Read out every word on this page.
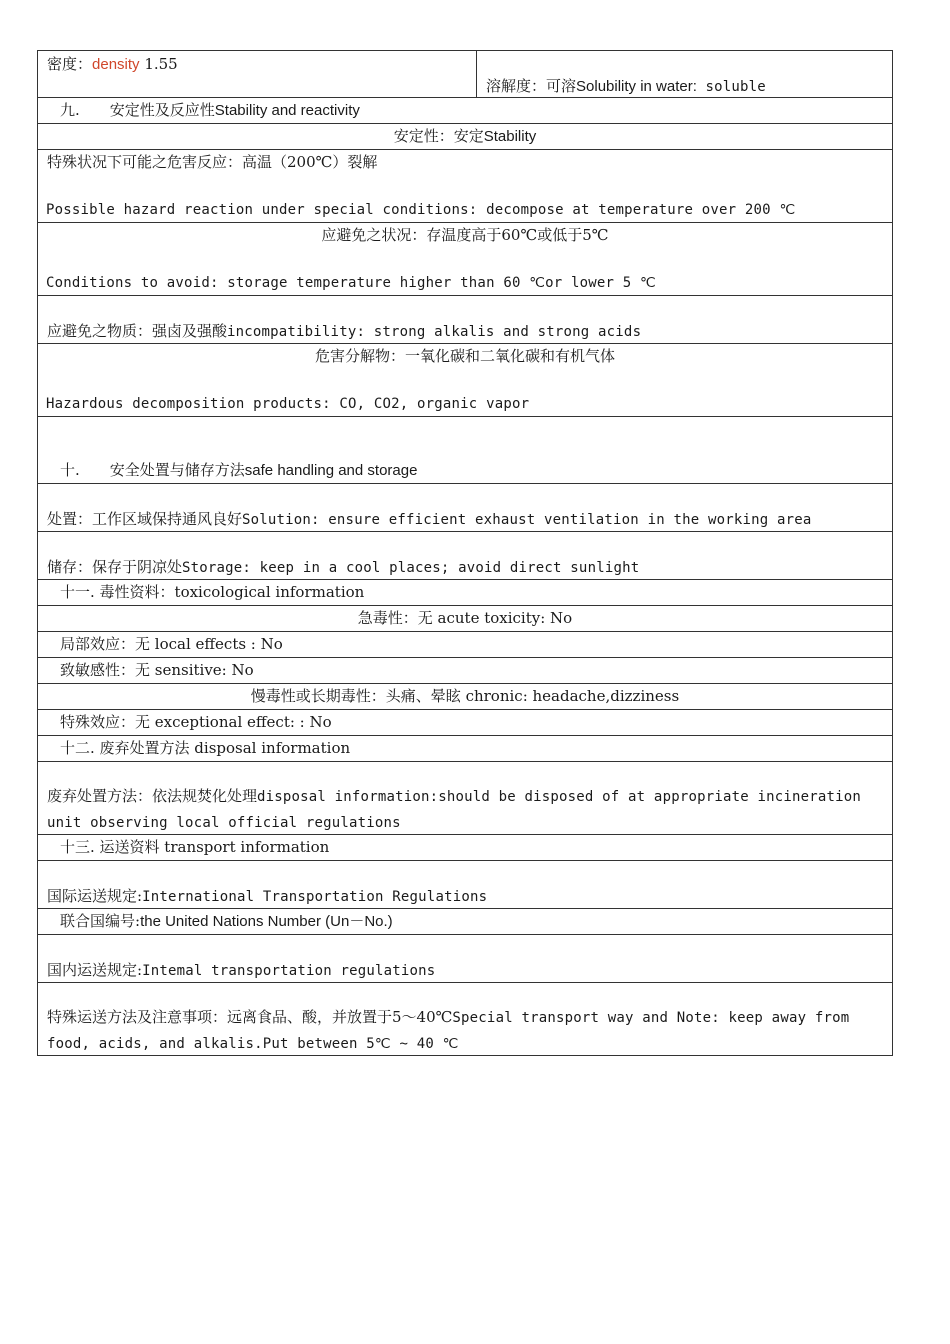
密度：density 1.55
溶解度：可溶Solubility in water: soluble
九. 安定性及反应性Stability and reactivity
安定性：安定Stability
特殊状况下可能之危害反应：高温（200℃）裂解
Possible hazard reaction under special conditions: decompose at temperature over 200 ℃
应避免之状况：存温度高于60℃或低于5℃
Conditions to avoid: storage temperature higher than 60 ℃or lower 5 ℃
应避免之物质：强卤及强酸incompatibility: strong alkalis and strong acids
危害分解物：一氧化碳和二氧化碳和有机气体
Hazardous decomposition products: CO, CO2, organic vapor
十. 安全处置与储存方法safe handling and storage
处置：工作区域保持通风良好Solution: ensure efficient exhaust ventilation in the working area
储存：保存于阴凉处Storage: keep in a cool places; avoid direct sunlight
十一. 毒性资料：toxicological information
急毒性：无 acute toxicity: No
局部效应：无 local effects : No
致敏感性：无 sensitive: No
慢毒性或长期毒性：头痛、晕眩 chronic: headache,dizziness
特殊效应：无 exceptional effect: : No
十二. 废弃处置方法 disposal information
废弃处置方法：依法规焚化处理disposal information:should be disposed of at appropriate incineration unit observing local official regulations
十三. 运送资料 transport information
国际运送规定:International Transportation Regulations
联合国编号:the United Nations Number (Un－No.)
国内运送规定:Intemal transportation regulations
特殊运送方法及注意事项：远离食品、酸，并放置于5～40℃Special transport way and Note: keep away from food, acids, and alkalis.Put between 5℃ ~ 40 ℃
